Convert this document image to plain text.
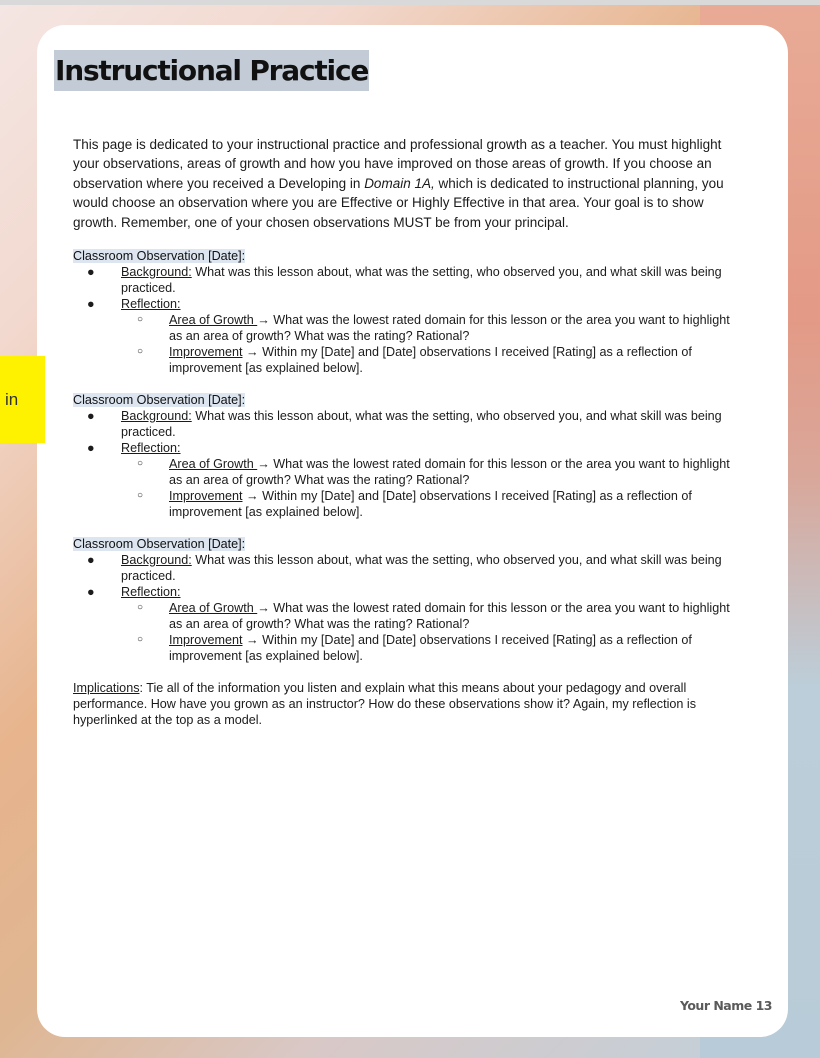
Instructional Practice
in

This page is dedicated to your instructional practice and professional growth as a teacher. You must highlight your observations, areas of growth and how you have improved on those areas of growth. If you choose an observation where you received a Developing in Domain 1A, which is dedicated to instructional planning, you would choose an observation where you are Effective or Highly Effective in that area. Your goal is to show growth. Remember, one of your chosen observations MUST be from your principal.

Classroom Observation [Date]:
● Background: What was this lesson about, what was the setting, who observed you, and what skill was being practiced.
● Reflection:
○ Area of Growth → What was the lowest rated domain for this lesson or the area you want to highlight as an area of growth? What was the rating? Rational?
○ Improvement → Within my [Date] and [Date] observations I received [Rating] as a reflection of improvement [as explained below].
Classroom Observation [Date]:
● Background: What was this lesson about, what was the setting, who observed you, and what skill was being practiced.
● Reflection:
○ Area of Growth → What was the lowest rated domain for this lesson or the area you want to highlight as an area of growth? What was the rating? Rational?
○ Improvement → Within my [Date] and [Date] observations I received [Rating] as a reflection of improvement [as explained below].
Classroom Observation [Date]:
● Background: What was this lesson about, what was the setting, who observed you, and what skill was being practiced.
● Reflection:
○ Area of Growth → What was the lowest rated domain for this lesson or the area you want to highlight as an area of growth? What was the rating? Rational?
○ Improvement → Within my [Date] and [Date] observations I received [Rating] as a reflection of improvement [as explained below].
Implications: Tie all of the information you listen and explain what this means about your pedagogy and overall performance. How have you grown as an instructor? How do these observations show it? Again, my reflection is hyperlinked at the top as a model.
Your Name 13
